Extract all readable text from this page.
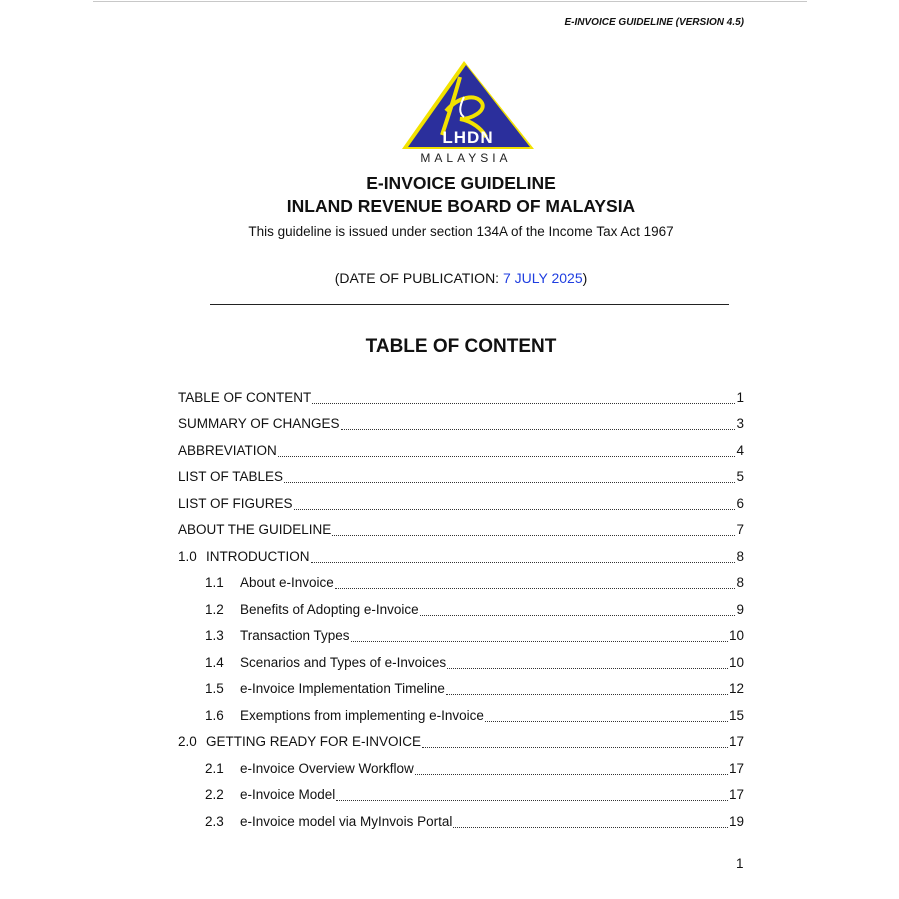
E-INVOICE GUIDELINE (VERSION 4.5)
LHDN
MALAYSIA
E-INVOICE GUIDELINE
INLAND REVENUE BOARD OF MALAYSIA
This guideline is issued under section 134A of the Income Tax Act 1967
(DATE OF PUBLICATION: 7 JULY 2025)
TABLE OF CONTENT
TABLE OF CONTENT	1
SUMMARY OF CHANGES	3
ABBREVIATION	4
LIST OF TABLES	5
LIST OF FIGURES	6
ABOUT THE GUIDELINE	7
1.0 INTRODUCTION	8
1.1	About e-Invoice	8
1.2	Benefits of Adopting e-Invoice	9
1.3	Transaction Types	10
1.4	Scenarios and Types of e-Invoices	10
1.5	e-Invoice Implementation Timeline	12
1.6	Exemptions from implementing e-Invoice	15
2.0 GETTING READY FOR E-INVOICE	17
2.1	e-Invoice Overview Workflow	17
2.2	e-Invoice Model	17
2.3	e-Invoice model via MyInvois Portal	19
1
